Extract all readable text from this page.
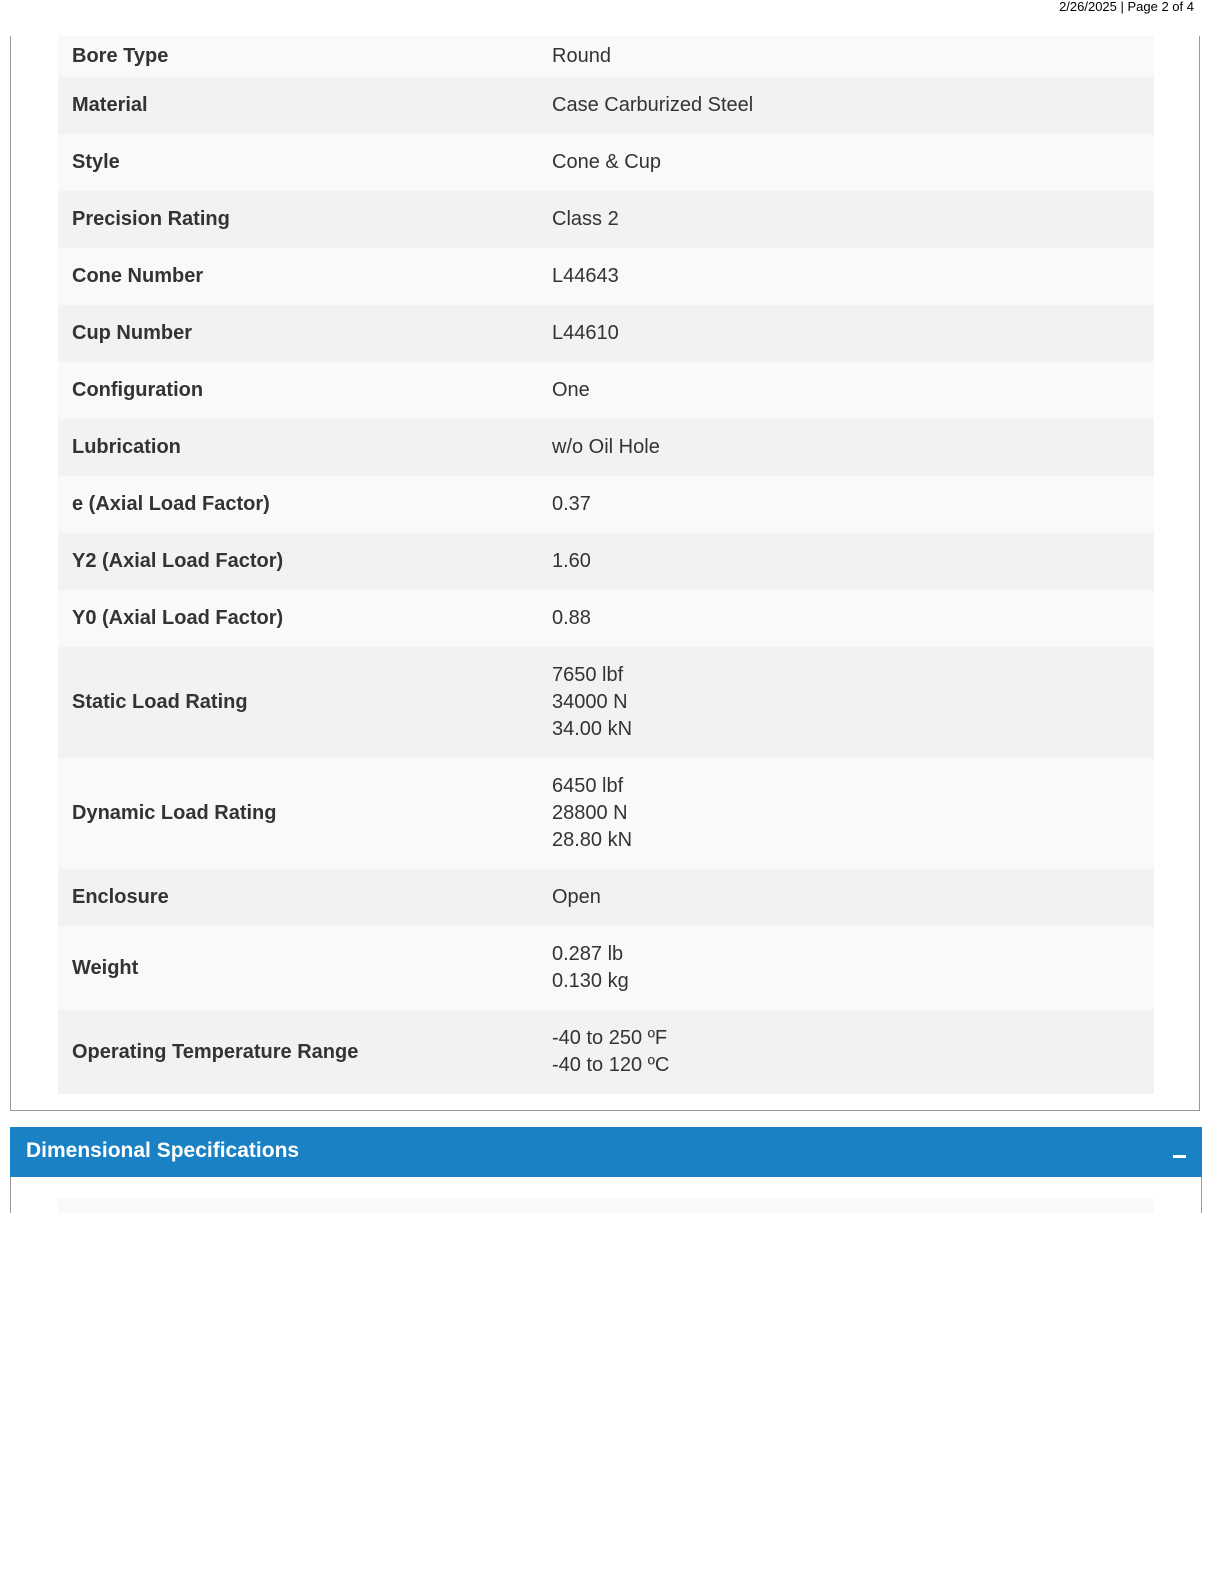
2/26/2025 | Page 2 of 4
Bore Type	Round
Material	Case Carburized Steel
Style	Cone & Cup
Precision Rating	Class 2
Cone Number	L44643
Cup Number	L44610
Configuration	One
Lubrication	w/o Oil Hole
e (Axial Load Factor)	0.37
Y2 (Axial Load Factor)	1.60
Y0 (Axial Load Factor)	0.88
Static Load Rating	7650 lbf
34000 N
34.00 kN

Dynamic Load Rating	6450 lbf
28800 N
28.80 kN

Enclosure	Open
Weight	0.287 lb
0.130 kg

Operating Temperature Range	-40 to 250 ºF
-40 to 120 ºC
Dimensional Specifications
